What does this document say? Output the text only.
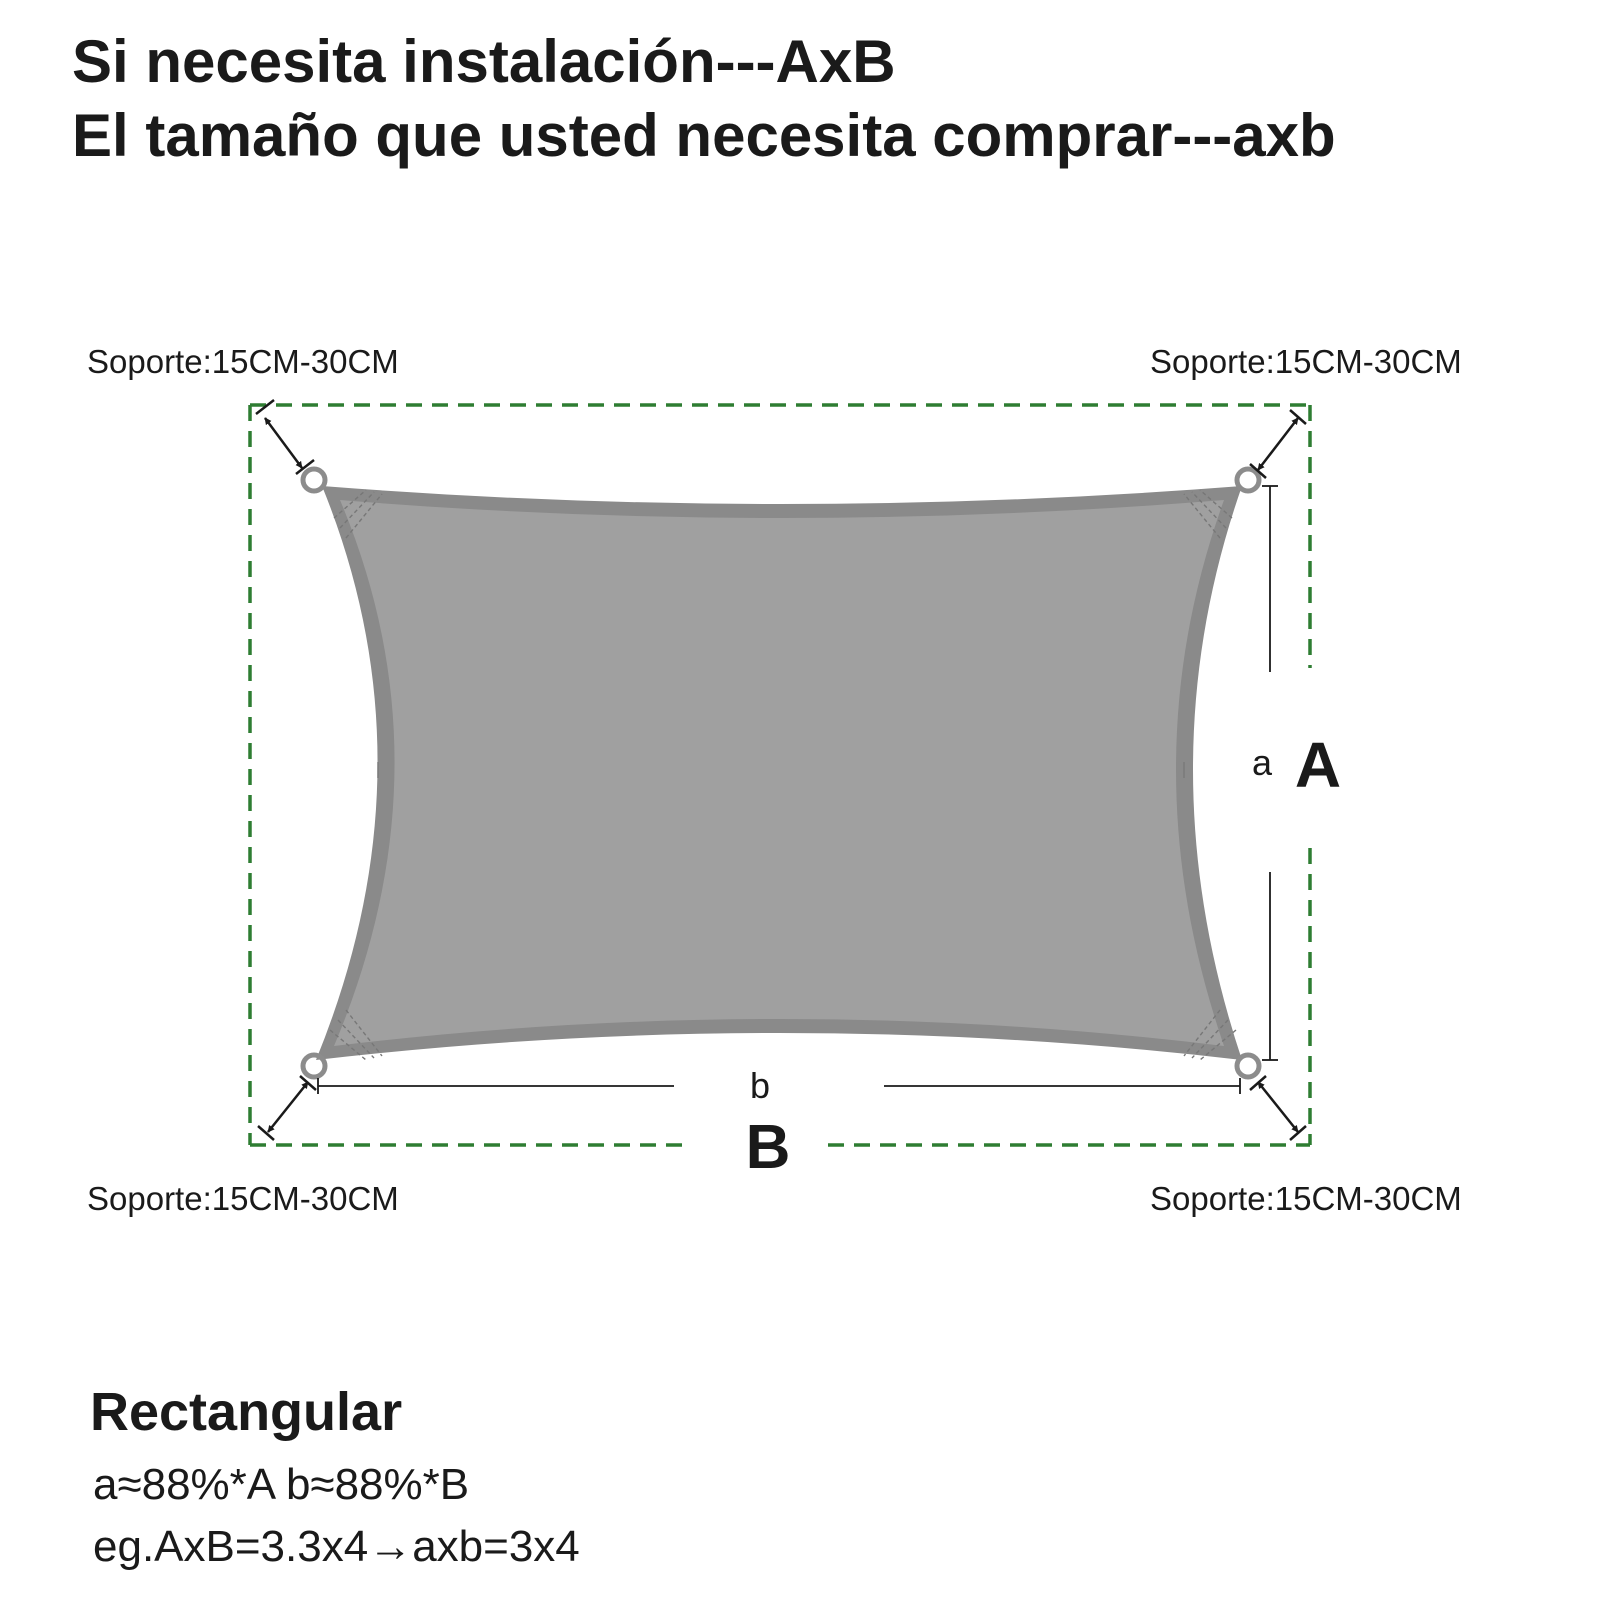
Si necesita instalación---AxB
El tamaño que usted necesita comprar---axb
Soporte:15CM-30CM	Soporte:15CM-30CM
Soporte:15CM-30CM	Soporte:15CM-30CM
a A
b
B
Rectangular
a≈88%*A b≈88%*B
eg.AxB=3.3x4→axb=3x4
